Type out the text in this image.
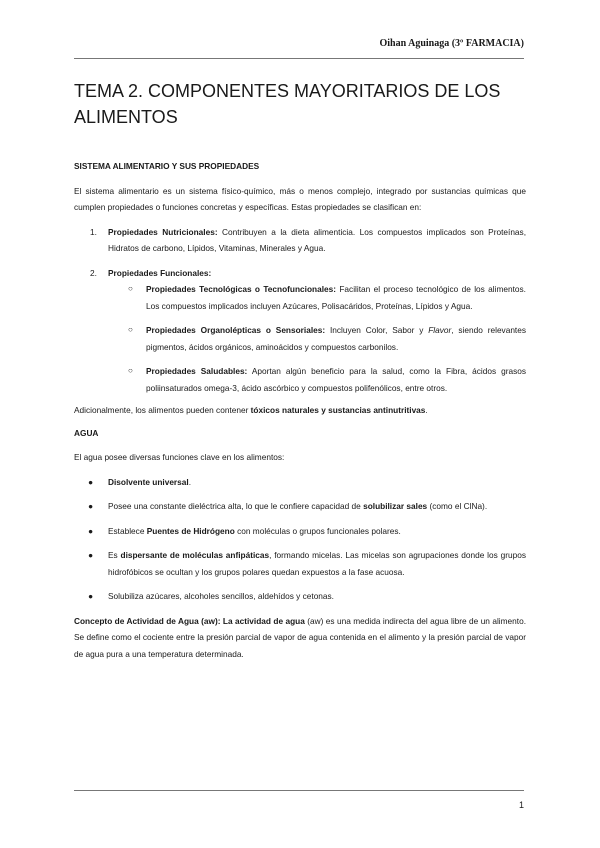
Oihan Aguinaga (3º FARMACIA)
TEMA 2. COMPONENTES MAYORITARIOS DE LOS ALIMENTOS

SISTEMA ALIMENTARIO Y SUS PROPIEDADES

El sistema alimentario es un sistema físico-químico, más o menos complejo, integrado por sustancias químicas que cumplen propiedades o funciones concretas y específicas. Estas propiedades se clasifican en:

1. Propiedades Nutricionales: Contribuyen a la dieta alimenticia. Los compuestos implicados son Proteínas, Hidratos de carbono, Lípidos, Vitaminas, Minerales y Agua.
2. Propiedades Funcionales:
○ Propiedades Tecnológicas o Tecnofuncionales: Facilitan el proceso tecnológico de los alimentos. Los compuestos implicados incluyen Azúcares, Polisacáridos, Proteínas, Lípidos y Agua.
○ Propiedades Organolépticas o Sensoriales: Incluyen Color, Sabor y Flavor, siendo relevantes pigmentos, ácidos orgánicos, aminoácidos y compuestos carbonilos.
○ Propiedades Saludables: Aportan algún beneficio para la salud, como la Fibra, ácidos grasos poliinsaturados omega-3, ácido ascórbico y compuestos polifenólicos, entre otros.

Adicionalmente, los alimentos pueden contener tóxicos naturales y sustancias antinutritivas.

AGUA

El agua posee diversas funciones clave en los alimentos:

● Disolvente universal.
● Posee una constante dieléctrica alta, lo que le confiere capacidad de solubilizar sales (como el ClNa).
● Establece Puentes de Hidrógeno con moléculas o grupos funcionales polares.
● Es dispersante de moléculas anfipáticas, formando micelas. Las micelas son agrupaciones donde los grupos hidrofóbicos se ocultan y los grupos polares quedan expuestos a la fase acuosa.
● Solubiliza azúcares, alcoholes sencillos, aldehídos y cetonas.

Concepto de Actividad de Agua (aw): La actividad de agua (aw) es una medida indirecta del agua libre de un alimento. Se define como el cociente entre la presión parcial de vapor de agua contenida en el alimento y la presión parcial de vapor de agua pura a una temperatura determinada.

1
